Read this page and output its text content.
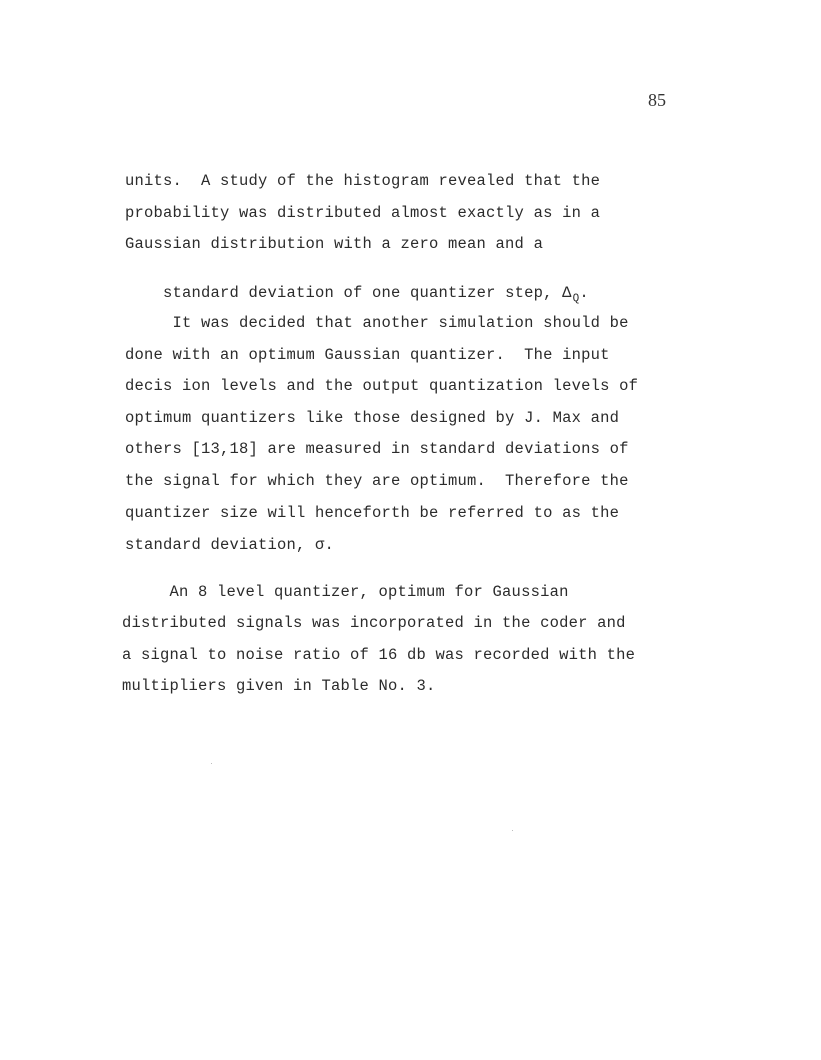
85
units.  A study of the histogram revealed that the
probability was distributed almost exactly as in a
Gaussian distribution with a zero mean and a

standard deviation of one quantizer step, $\Delta_Q$.

It was decided that another simulation should be
done with an optimum Gaussian quantizer.  The input
decis ion levels and the output quantization levels of
optimum quantizers like those designed by J. Max and
others [13,18] are measured in standard deviations of
the signal for which they are optimum.  Therefore the
quantizer size will henceforth be referred to as the
standard deviation, σ.
An 8 level quantizer, optimum for Gaussian
distributed signals was incorporated in the coder and
a signal to noise ratio of 16 db was recorded with the
multipliers given in Table No. 3.
